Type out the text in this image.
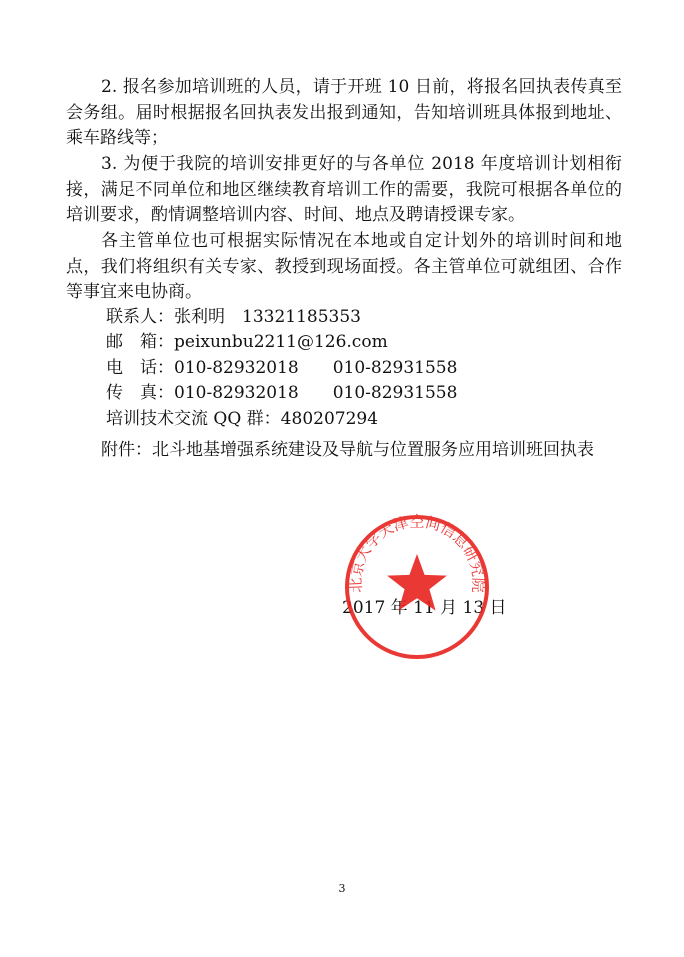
2. 报名参加培训班的人员，请于开班 10 日前，将报名回执表传真至会务组。届时根据报名回执表发出报到通知，告知培训班具体报到地址、乘车路线等；

3. 为便于我院的培训安排更好的与各单位 2018 年度培训计划相衔接，满足不同单位和地区继续教育培训工作的需要，我院可根据各单位的培训要求，酌情调整培训内容、时间、地点及聘请授课专家。

各主管单位也可根据实际情况在本地或自定计划外的培训时间和地点，我们将组织有关专家、教授到现场面授。各主管单位可就组团、合作等事宜来电协商。

联系人：张利明　13321185353
邮　箱：peixunbu2211@126.com
电　话：010-82932018　　010-82931558
传　真：010-82932018　　010-82931558
培训技术交流 QQ 群：480207294

附件：北斗地基增强系统建设及导航与位置服务应用培训班回执表

2017 年 11 月 13 日
北京大学天津空间信息研究院
3
